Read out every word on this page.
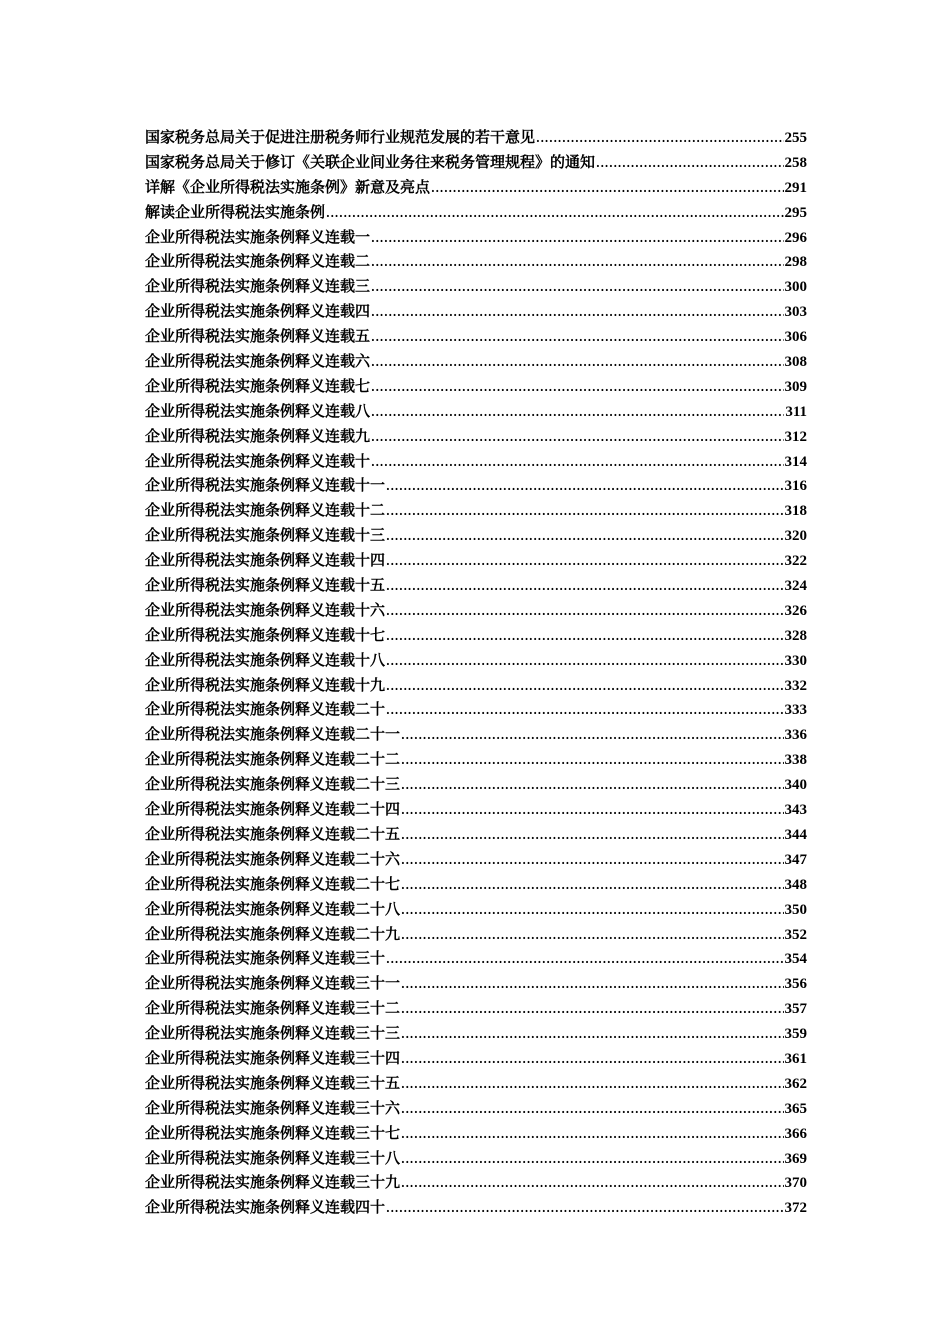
国家税务总局关于促进注册税务师行业规范发展的若干意见 .....	255
国家税务总局关于修订《关联企业间业务往来税务管理规程》的通知 .....	258
详解《企业所得税法实施条例》新意及亮点 .....	291
解读企业所得税法实施条例 .....	295
企业所得税法实施条例释义连载一 .....	296
企业所得税法实施条例释义连载二 .....	298
企业所得税法实施条例释义连载三 .....	300
企业所得税法实施条例释义连载四 .....	303
企业所得税法实施条例释义连载五 .....	306
企业所得税法实施条例释义连载六 .....	308
企业所得税法实施条例释义连载七 .....	309
企业所得税法实施条例释义连载八 .....	311
企业所得税法实施条例释义连载九 .....	312
企业所得税法实施条例释义连载十 .....	314
企业所得税法实施条例释义连载十一 .....	316
企业所得税法实施条例释义连载十二 .....	318
企业所得税法实施条例释义连载十三 .....	320
企业所得税法实施条例释义连载十四 .....	322
企业所得税法实施条例释义连载十五 .....	324
企业所得税法实施条例释义连载十六 .....	326
企业所得税法实施条例释义连载十七 .....	328
企业所得税法实施条例释义连载十八 .....	330
企业所得税法实施条例释义连载十九 .....	332
企业所得税法实施条例释义连载二十 .....	333
企业所得税法实施条例释义连载二十一 .....	336
企业所得税法实施条例释义连载二十二 .....	338
企业所得税法实施条例释义连载二十三 .....	340
企业所得税法实施条例释义连载二十四 .....	343
企业所得税法实施条例释义连载二十五 .....	344
企业所得税法实施条例释义连载二十六 .....	347
企业所得税法实施条例释义连载二十七 .....	348
企业所得税法实施条例释义连载二十八 .....	350
企业所得税法实施条例释义连载二十九 .....	352
企业所得税法实施条例释义连载三十 .....	354
企业所得税法实施条例释义连载三十一 .....	356
企业所得税法实施条例释义连载三十二 .....	357
企业所得税法实施条例释义连载三十三 .....	359
企业所得税法实施条例释义连载三十四 .....	361
企业所得税法实施条例释义连载三十五 .....	362
企业所得税法实施条例释义连载三十六 .....	365
企业所得税法实施条例释义连载三十七 .....	366
企业所得税法实施条例释义连载三十八 .....	369
企业所得税法实施条例释义连载三十九 .....	370
企业所得税法实施条例释义连载四十 .....	372
